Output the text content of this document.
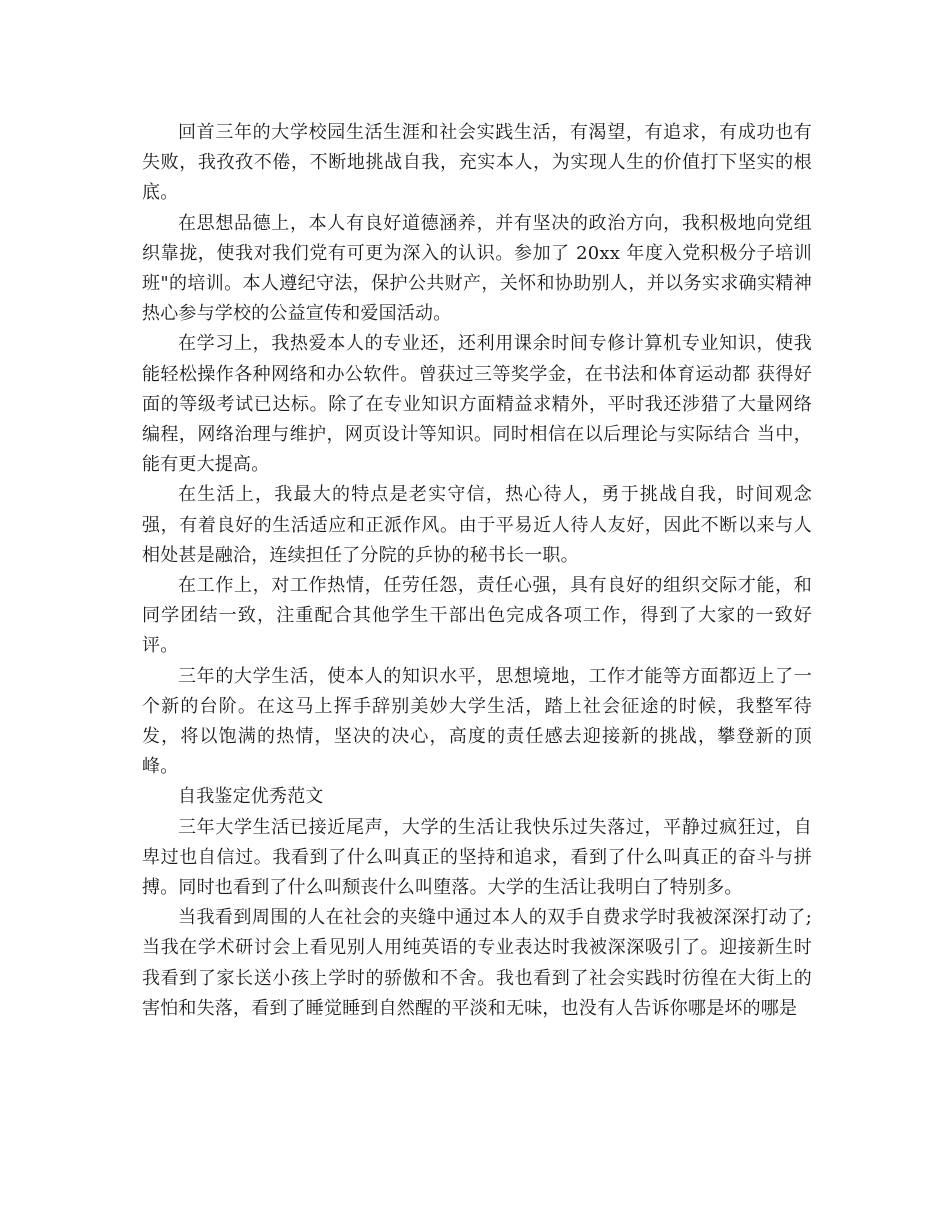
回首三年的大学校园生活生涯和社会实践生活，有渴望，有追求，有成功也有失败，我孜孜不倦，不断地挑战自我，充实本人，为实现人生的价值打下坚实的根底。

在思想品德上，本人有良好道德涵养，并有坚决的政治方向，我积极地向党组织靠拢，使我对我们党有可更为深入的认识。参加了 20xx 年度入党积极分子培训班"的培训。本人遵纪守法，保护公共财产，关怀和协助别人，并以务实求确实精神热心参与学校的公益宣传和爱国活动。

在学习上，我热爱本人的专业还，还利用课余时间专修计算机专业知识，使我能轻松操作各种网络和办公软件。曾获过三等奖学金，在书法和体育运动都 获得好面的等级考试已达标。除了在专业知识方面精益求精外，平时我还涉猎了大量网络编程，网络治理与维护，网页设计等知识。同时相信在以后理论与实际结合 当中，能有更大提高。

在生活上，我最大的特点是老实守信，热心待人，勇于挑战自我，时间观念强，有着良好的生活适应和正派作风。由于平易近人待人友好，因此不断以来与人相处甚是融洽，连续担任了分院的乒协的秘书长一职。

在工作上，对工作热情，任劳任怨，责任心强，具有良好的组织交际才能，和同学团结一致，注重配合其他学生干部出色完成各项工作，得到了大家的一致好评。

三年的大学生活，使本人的知识水平，思想境地，工作才能等方面都迈上了一个新的台阶。在这马上挥手辞别美妙大学生活，踏上社会征途的时候，我整军待发，将以饱满的热情，坚决的决心，高度的责任感去迎接新的挑战，攀登新的顶峰。

自我鉴定优秀范文

三年大学生活已接近尾声，大学的生活让我快乐过失落过，平静过疯狂过，自卑过也自信过。我看到了什么叫真正的坚持和追求，看到了什么叫真正的奋斗与拼搏。同时也看到了什么叫颓丧什么叫堕落。大学的生活让我明白了特别多。

当我看到周围的人在社会的夹缝中通过本人的双手自费求学时我被深深打动了;当我在学术研讨会上看见别人用纯英语的专业表达时我被深深吸引了。迎接新生时我看到了家长送小孩上学时的骄傲和不舍。我也看到了社会实践时彷徨在大街上的害怕和失落，看到了睡觉睡到自然醒的平淡和无味，也没有人告诉你哪是坏的哪是
